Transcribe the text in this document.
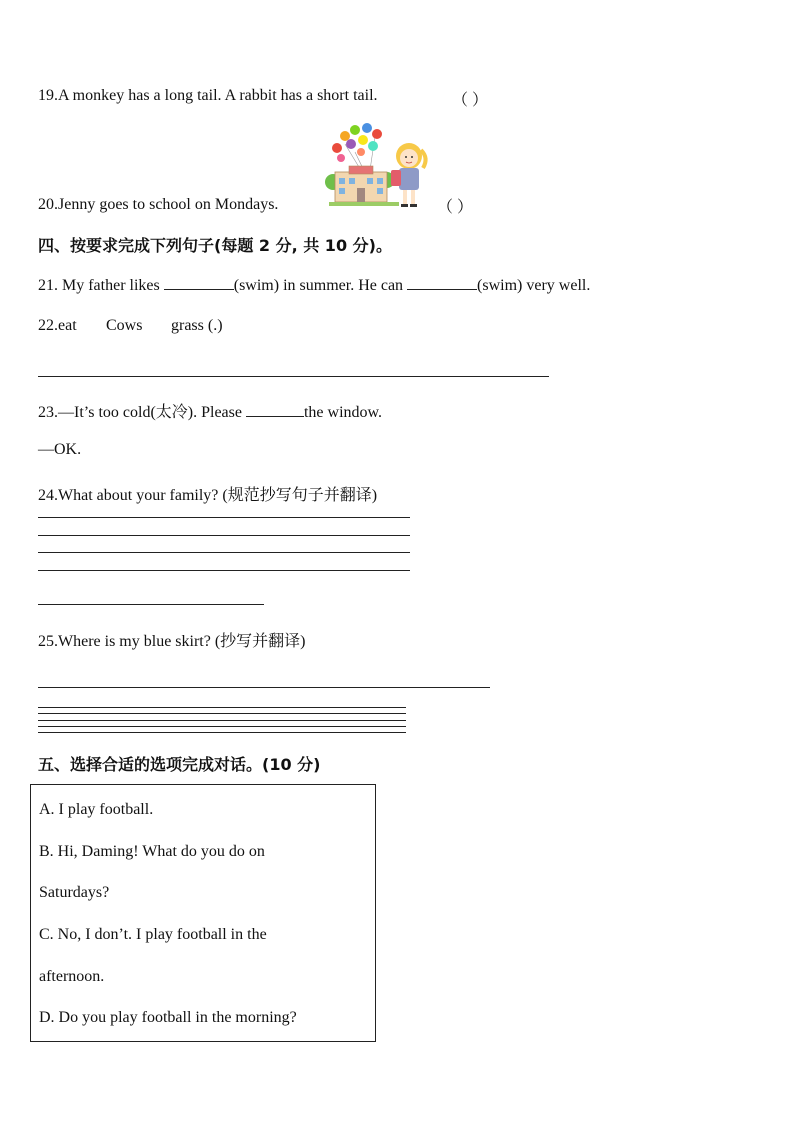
19.A monkey has a long tail. A rabbit has a short tail.	（ ）
20.Jenny goes to school on Mondays.	（ ）
四、按要求完成下列句子(每题 2 分, 共 10 分)。
21. My father likes	(swim) in summer. He can	(swim) very well.
22.eat Cows grass (.)
23.—It’s too cold(太冷). Please	the window.
—OK.
24.What about your family? (规范抄写句子并翻译)
25.Where is my blue skirt? (抄写并翻译)
五、选择合适的选项完成对话。(10 分)
A. I play football.
B. Hi, Daming! What do you do on
Saturdays?
C. No, I don’t. I play football in the
afternoon.
D. Do you play football in the morning?
